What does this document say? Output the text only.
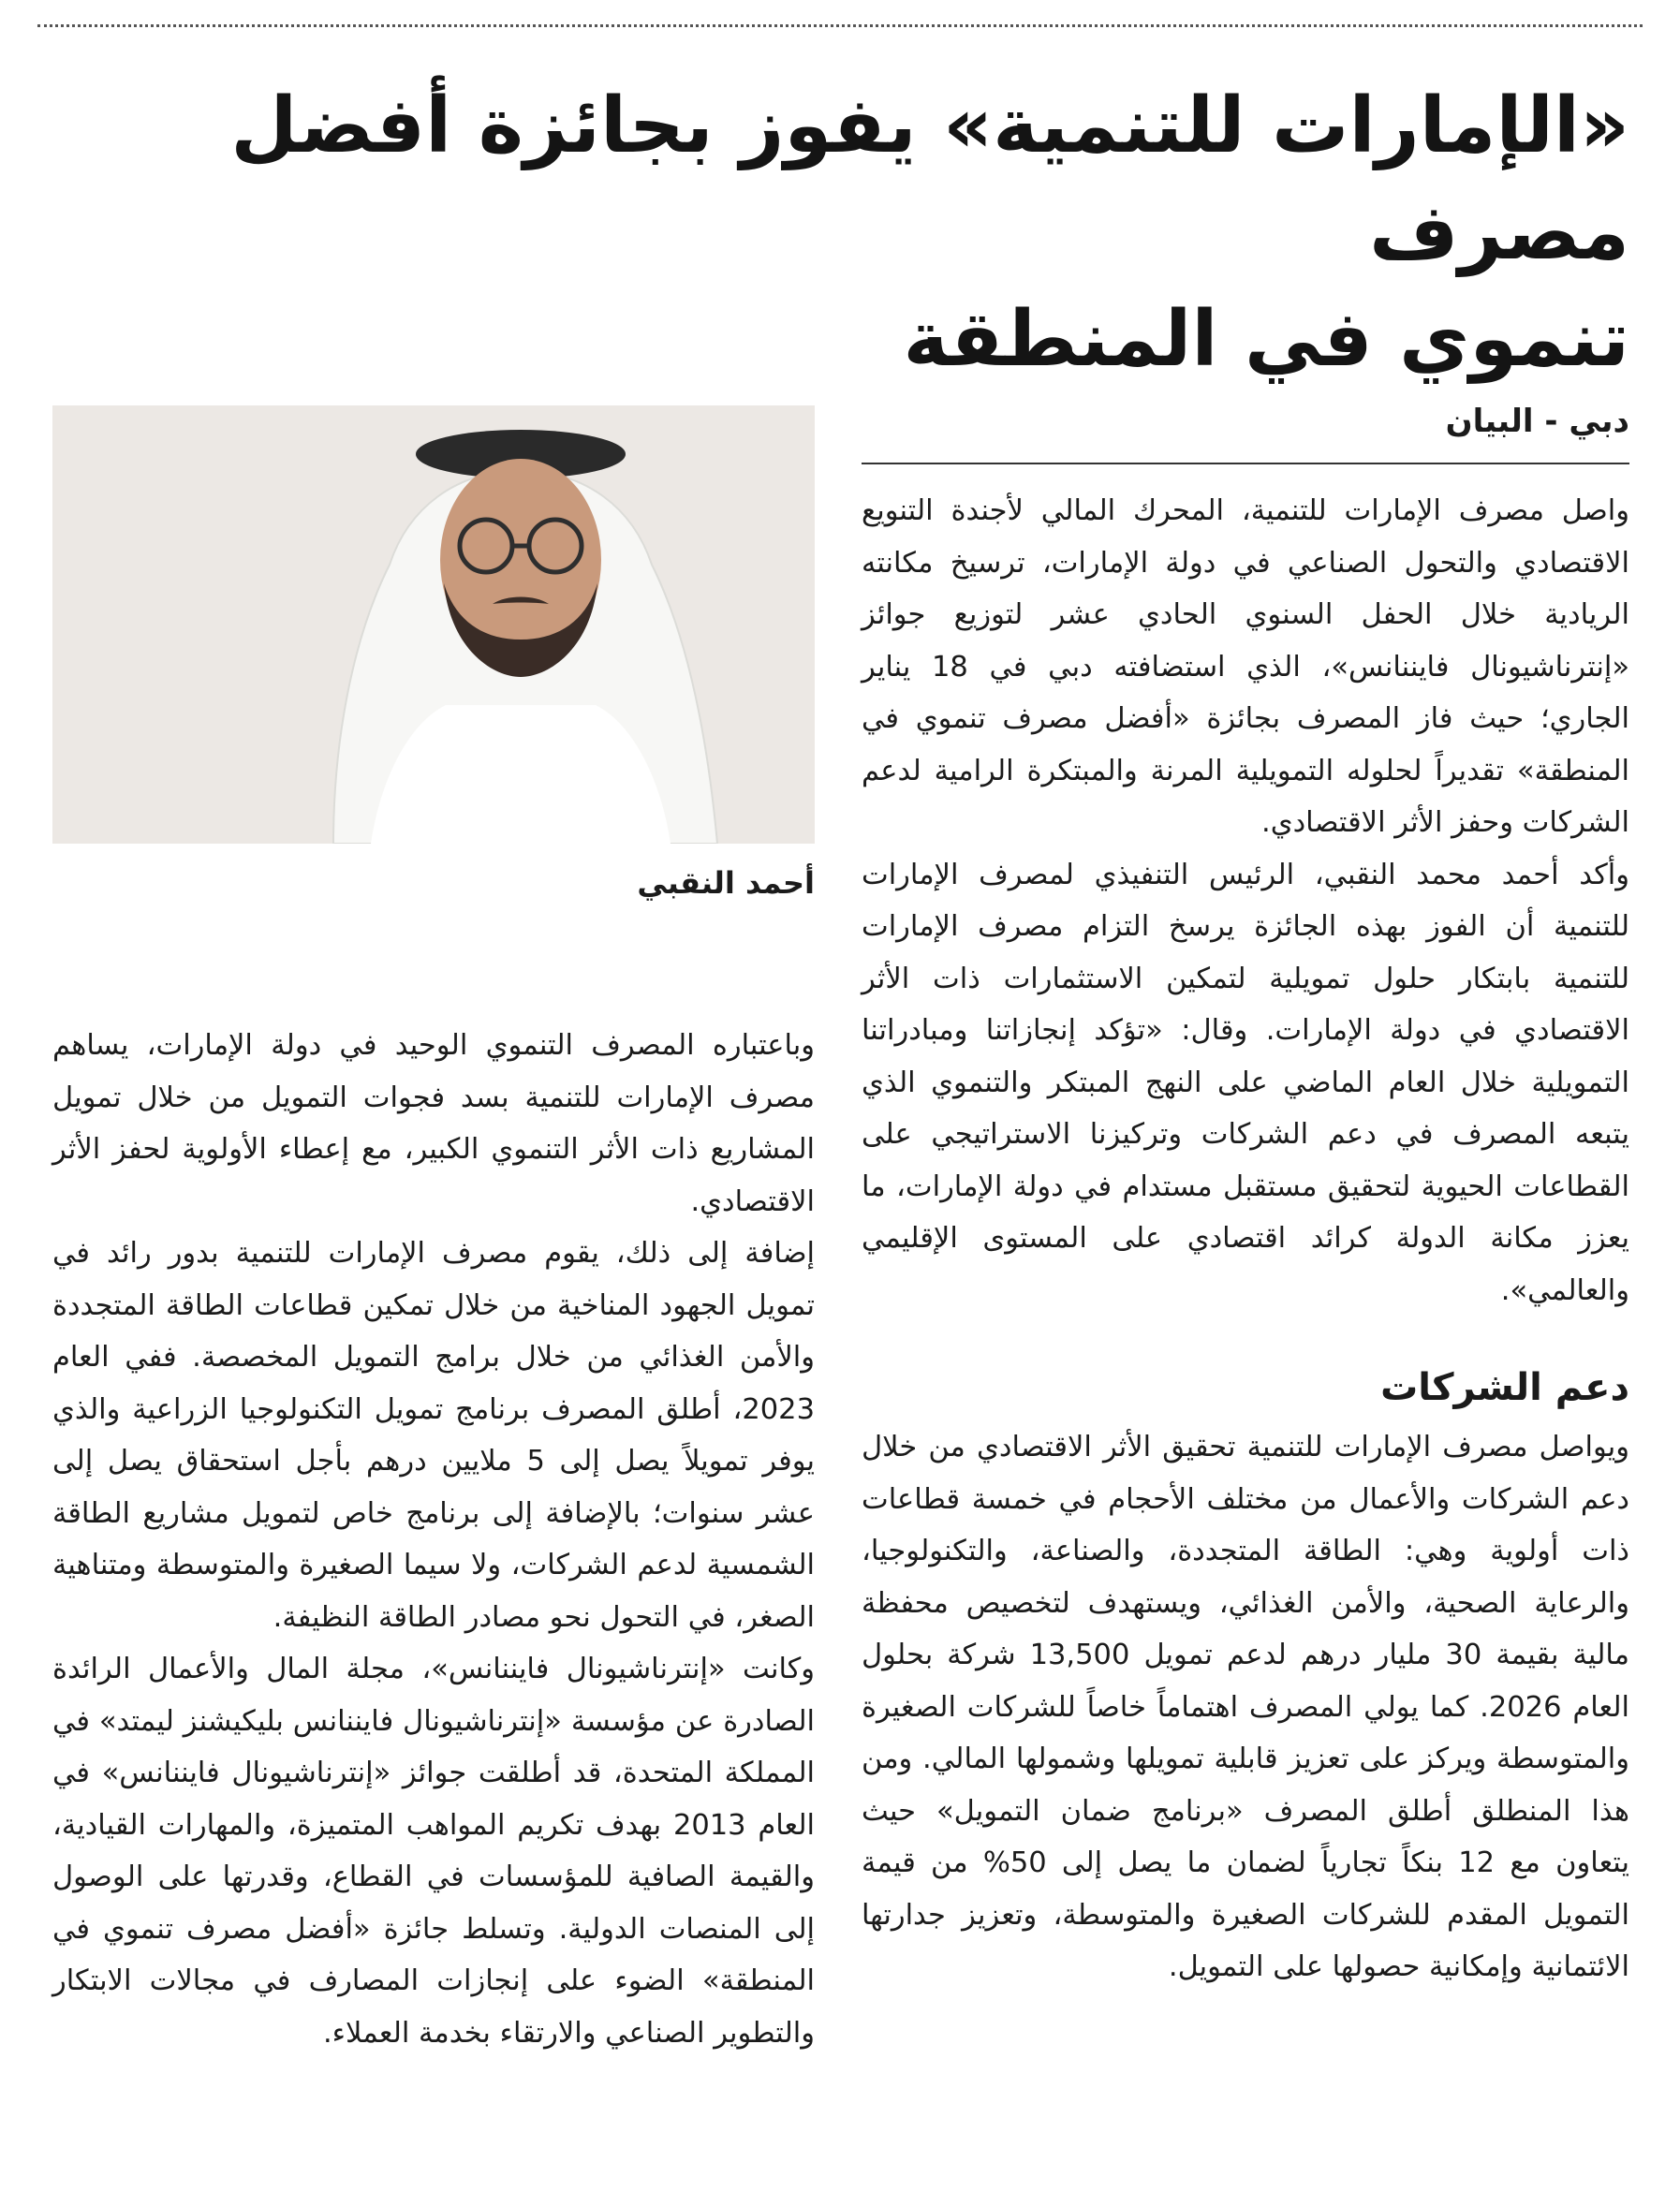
«الإمارات للتنمية» يفوز بجائزة أفضل مصرف
تنموي في المنطقة

دبي - البيان

واصل مصرف الإمارات للتنمية، المحرك المالي لأجندة التنويع الاقتصادي والتحول الصناعي في دولة الإمارات، ترسيخ مكانته الريادية خلال الحفل السنوي الحادي عشر لتوزيع جوائز «إنترناشيونال فايننانس»، الذي استضافته دبي في 18 يناير الجاري؛ حيث فاز المصرف بجائزة «أفضل مصرف تنموي في المنطقة» تقديراً لحلوله التمويلية المرنة والمبتكرة الرامية لدعم الشركات وحفز الأثر الاقتصادي.

وأكد أحمد محمد النقبي، الرئيس التنفيذي لمصرف الإمارات للتنمية أن الفوز بهذه الجائزة يرسخ التزام مصرف الإمارات للتنمية بابتكار حلول تمويلية لتمكين الاستثمارات ذات الأثر الاقتصادي في دولة الإمارات. وقال: «تؤكد إنجازاتنا ومبادراتنا التمويلية خلال العام الماضي على النهج المبتكر والتنموي الذي يتبعه المصرف في دعم الشركات وتركيزنا الاستراتيجي على القطاعات الحيوية لتحقيق مستقبل مستدام في دولة الإمارات، ما يعزز مكانة الدولة كرائد اقتصادي على المستوى الإقليمي والعالمي».

دعم الشركات

ويواصل مصرف الإمارات للتنمية تحقيق الأثر الاقتصادي من خلال دعم الشركات والأعمال من مختلف الأحجام في خمسة قطاعات ذات أولوية وهي: الطاقة المتجددة، والصناعة، والتكنولوجيا، والرعاية الصحية، والأمن الغذائي، ويستهدف لتخصيص محفظة مالية بقيمة 30 مليار درهم لدعم تمويل 13,500 شركة بحلول العام 2026. كما يولي المصرف اهتماماً خاصاً للشركات الصغيرة والمتوسطة ويركز على تعزيز قابلية تمويلها وشمولها المالي. ومن هذا المنطلق أطلق المصرف «برنامج ضمان التمويل» حيث يتعاون مع 12 بنكاً تجارياً لضمان ما يصل إلى 50% من قيمة التمويل المقدم للشركات الصغيرة والمتوسطة، وتعزيز جدارتها الائتمانية وإمكانية حصولها على التمويل.

أحمد النقبي

وباعتباره المصرف التنموي الوحيد في دولة الإمارات، يساهم مصرف الإمارات للتنمية بسد فجوات التمويل من خلال تمويل المشاريع ذات الأثر التنموي الكبير، مع إعطاء الأولوية لحفز الأثر الاقتصادي.

إضافة إلى ذلك، يقوم مصرف الإمارات للتنمية بدور رائد في تمويل الجهود المناخية من خلال تمكين قطاعات الطاقة المتجددة والأمن الغذائي من خلال برامج التمويل المخصصة. ففي العام 2023، أطلق المصرف برنامج تمويل التكنولوجيا الزراعية والذي يوفر تمويلاً يصل إلى 5 ملايين درهم بأجل استحقاق يصل إلى عشر سنوات؛ بالإضافة إلى برنامج خاص لتمويل مشاريع الطاقة الشمسية لدعم الشركات، ولا سيما الصغيرة والمتوسطة ومتناهية الصغر، في التحول نحو مصادر الطاقة النظيفة.

وكانت «إنترناشيونال فايننانس»، مجلة المال والأعمال الرائدة الصادرة عن مؤسسة «إنترناشيونال فايننانس بليكيشنز ليمتد» في المملكة المتحدة، قد أطلقت جوائز «إنترناشيونال فايننانس» في العام 2013 بهدف تكريم المواهب المتميزة، والمهارات القيادية، والقيمة الصافية للمؤسسات في القطاع، وقدرتها على الوصول إلى المنصات الدولية. وتسلط جائزة «أفضل مصرف تنموي في المنطقة» الضوء على إنجازات المصارف في مجالات الابتكار والتطوير الصناعي والارتقاء بخدمة العملاء.
